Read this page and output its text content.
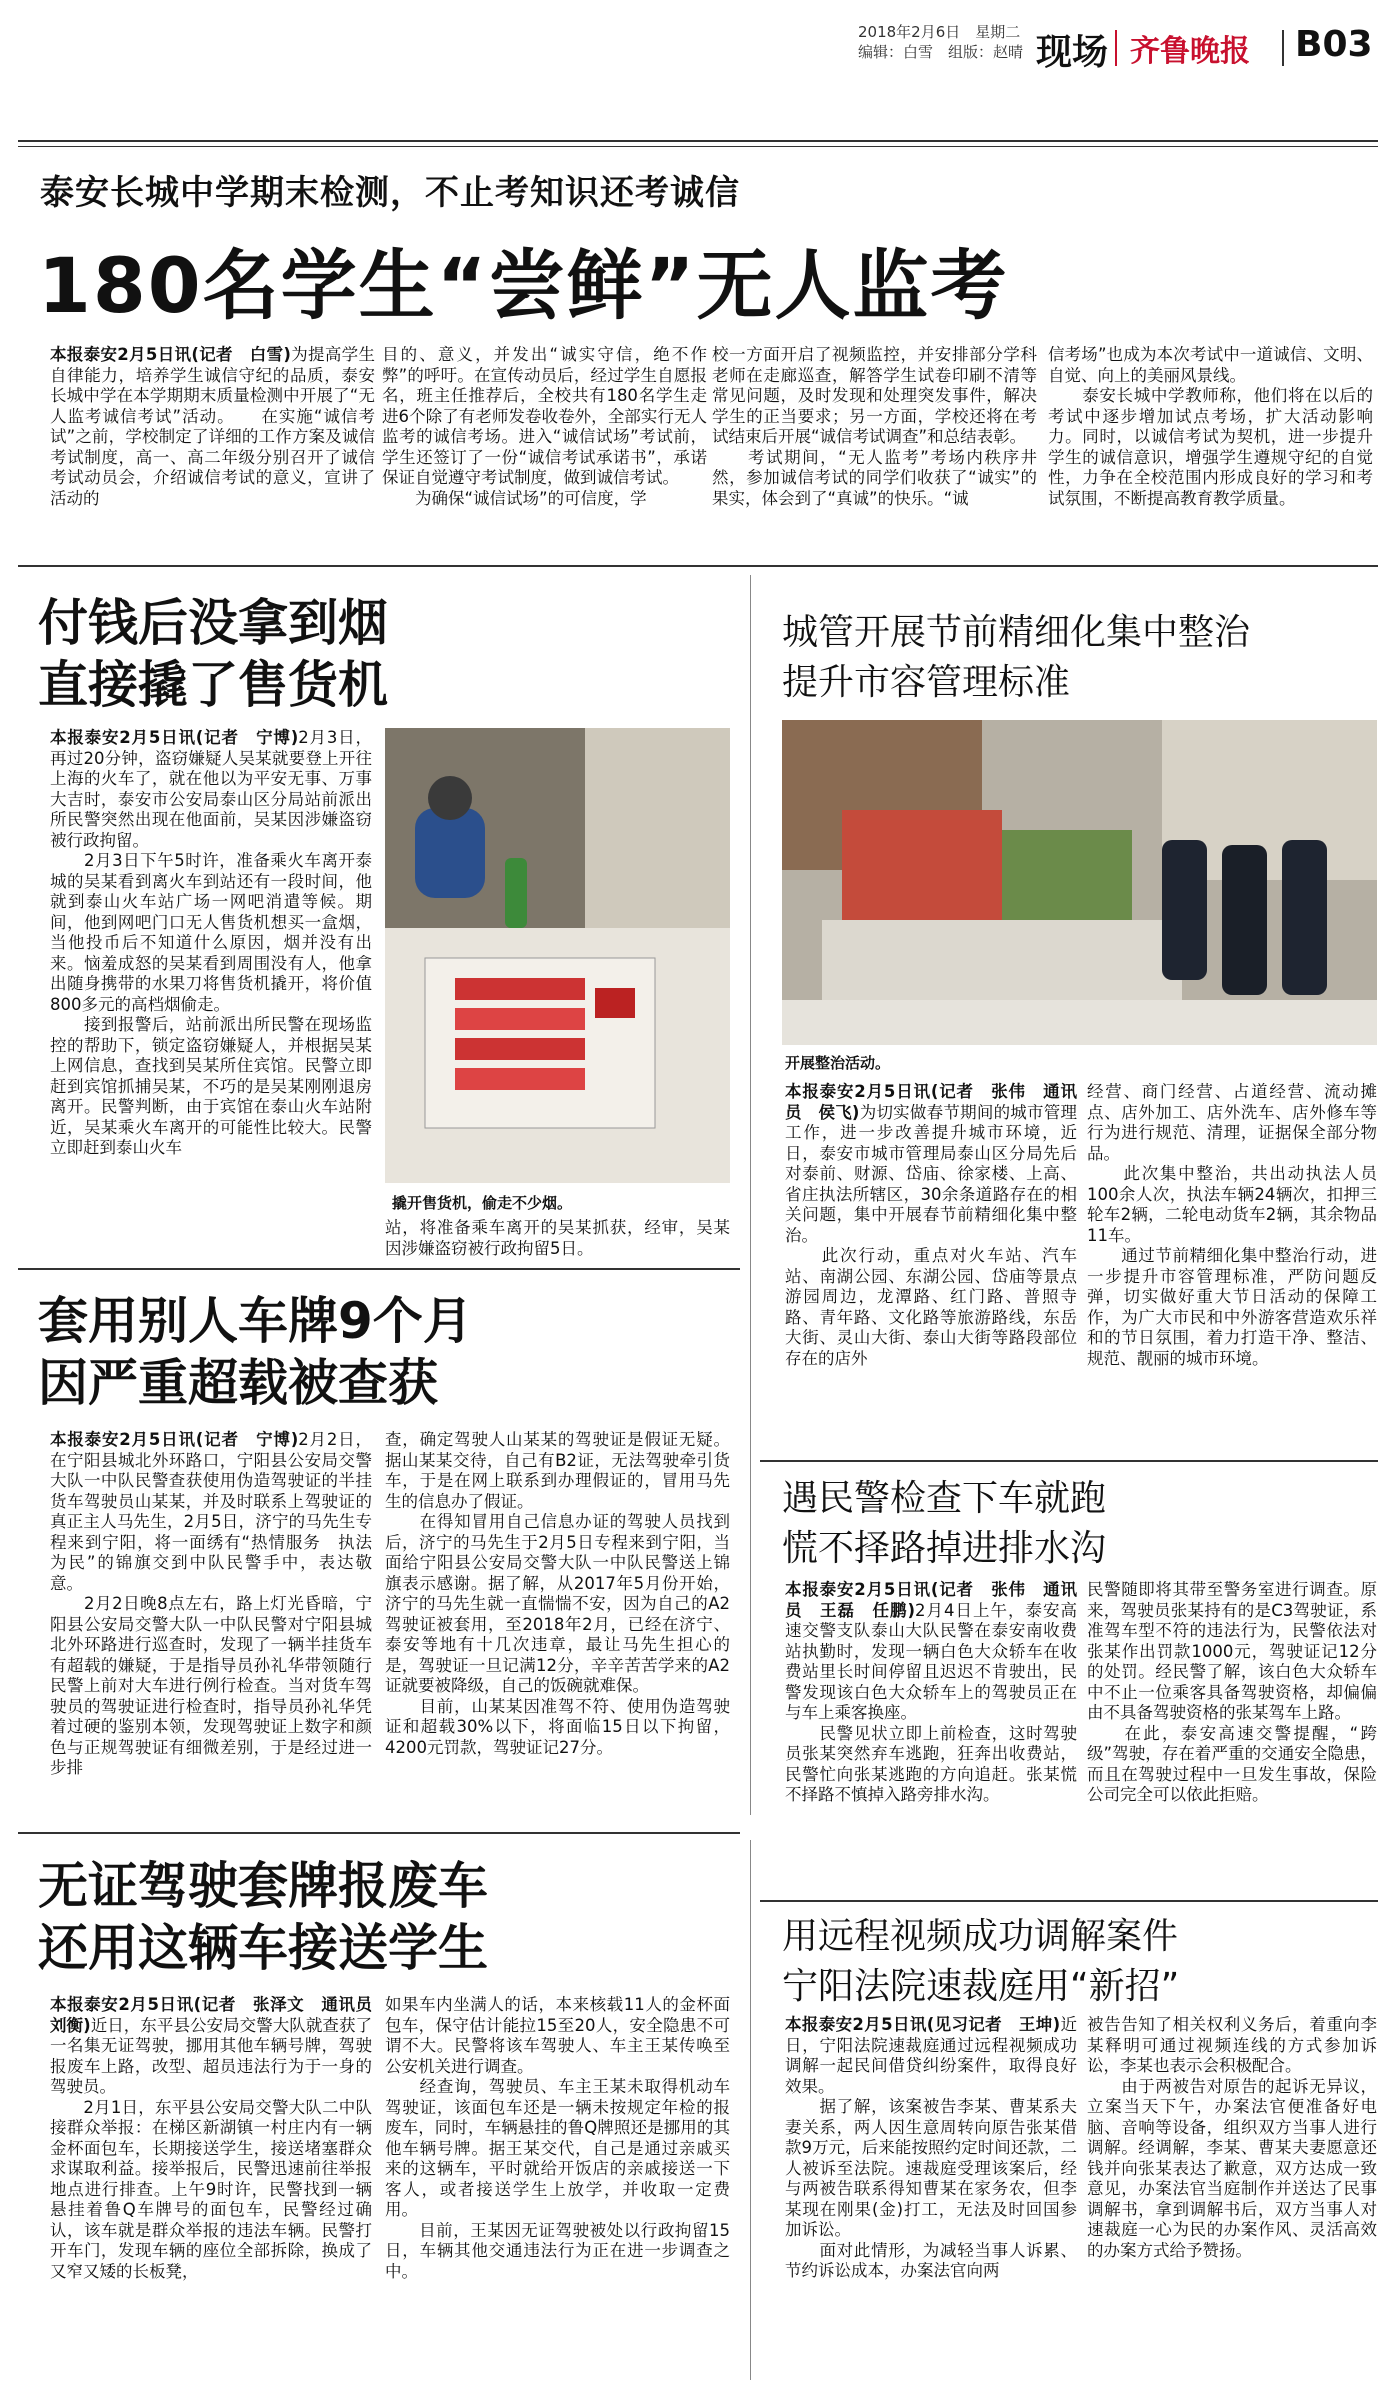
2018年2月6日　星期二
编辑：白雪　组版：赵晴 现场 齐鲁晚报 B03
泰安长城中学期末检测，不止考知识还考诚信
180名学生“尝鲜”无人监考

本报泰安2月5日讯(记者　白雪)为提高学生自律能力，培养学生诚信守纪的品质，泰安长城中学在本学期期末质量检测中开展了“无人监考诚信考试”活动。　　在实施“诚信考试”之前，学校制定了详细的工作方案及诚信考试制度，高一、高二年级分别召开了诚信考试动员会，介绍诚信考试的意义，宣讲了活动的

目的、意义，并发出“诚实守信，绝不作弊”的呼吁。在宣传动员后，经过学生自愿报名，班主任推荐后，全校共有180名学生走进6个除了有老师发卷收卷外，全部实行无人监考的诚信考场。进入“诚信试场”考试前，学生还签订了一份“诚信考试承诺书”，承诺保证自觉遵守考试制度，做到诚信考试。
　　为确保“诚信试场”的可信度，学

校一方面开启了视频监控，并安排部分学科老师在走廊巡查，解答学生试卷印刷不清等常见问题，及时发现和处理突发事件，解决学生的正当要求；另一方面，学校还将在考试结束后开展“诚信考试调查”和总结表彰。
　　考试期间，“无人监考”考场内秩序井然，参加诚信考试的同学们收获了“诚实”的果实，体会到了“真诚”的快乐。“诚

信考场”也成为本次考试中一道诚信、文明、自觉、向上的美丽风景线。
　　泰安长城中学教师称，他们将在以后的考试中逐步增加试点考场，扩大活动影响力。同时，以诚信考试为契机，进一步提升学生的诚信意识，增强学生遵规守纪的自觉性，力争在全校范围内形成良好的学习和考试氛围，不断提高教育教学质量。

付钱后没拿到烟
直接撬了售货机

本报泰安2月5日讯(记者　宁博)2月3日，再过20分钟，盗窃嫌疑人吴某就要登上开往上海的火车了，就在他以为平安无事、万事大吉时，泰安市公安局泰山区分局站前派出所民警突然出现在他面前，吴某因涉嫌盗窃被行政拘留。
　　2月3日下午5时许，准备乘火车离开泰城的吴某看到离火车到站还有一段时间，他就到泰山火车站广场一网吧消遣等候。期间，他到网吧门口无人售货机想买一盒烟，当他投币后不知道什么原因，烟并没有出来。恼羞成怒的吴某看到周围没有人，他拿出随身携带的水果刀将售货机撬开，将价值800多元的高档烟偷走。
　　接到报警后，站前派出所民警在现场监控的帮助下，锁定盗窃嫌疑人，并根据吴某上网信息，查找到吴某所住宾馆。民警立即赶到宾馆抓捕吴某，不巧的是吴某刚刚退房离开。民警判断，由于宾馆在泰山火车站附近，吴某乘火车离开的可能性比较大。民警立即赶到泰山火车

撬开售货机，偷走不少烟。

站，将准备乘车离开的吴某抓获，经审，吴某因涉嫌盗窃被行政拘留5日。

城管开展节前精细化集中整治
提升市容管理标准
开展整治活动。

本报泰安2月5日讯(记者　张伟　通讯员　侯飞)为切实做春节期间的城市管理工作，进一步改善提升城市环境，近日，泰安市城市管理局泰山区分局先后对泰前、财源、岱庙、徐家楼、上高、省庄执法所辖区，30余条道路存在的相关问题，集中开展春节前精细化集中整治。
　　此次行动，重点对火车站、汽车站、南湖公园、东湖公园、岱庙等景点游园周边，龙潭路、红门路、普照寺路、青年路、文化路等旅游路线，东岳大街、灵山大街、泰山大街等路段部位存在的店外

经营、商门经营、占道经营、流动摊点、店外加工、店外洗车、店外修车等行为进行规范、清理，证据保全部分物品。
　　此次集中整治，共出动执法人员100余人次，执法车辆24辆次，扣押三轮车2辆，二轮电动货车2辆，其余物品11车。
　　通过节前精细化集中整治行动，进一步提升市容管理标准，严防问题反弹，切实做好重大节日活动的保障工作，为广大市民和中外游客营造欢乐祥和的节日氛围，着力打造干净、整洁、规范、靓丽的城市环境。

套用别人车牌9个月
因严重超载被查获

本报泰安2月5日讯(记者　宁博)2月2日，在宁阳县城北外环路口，宁阳县公安局交警大队一中队民警查获使用伪造驾驶证的半挂货车驾驶员山某某，并及时联系上驾驶证的真正主人马先生，2月5日，济宁的马先生专程来到宁阳，将一面绣有“热情服务　执法为民”的锦旗交到中队民警手中，表达敬意。
　　2月2日晚8点左右，路上灯光昏暗，宁阳县公安局交警大队一中队民警对宁阳县城北外环路进行巡查时，发现了一辆半挂货车有超载的嫌疑，于是指导员孙礼华带领随行民警上前对大车进行例行检查。当对货车驾驶员的驾驶证进行检查时，指导员孙礼华凭着过硬的鉴别本领，发现驾驶证上数字和颜色与正规驾驶证有细微差别，于是经过进一步排

查，确定驾驶人山某某的驾驶证是假证无疑。据山某某交待，自己有B2证，无法驾驶牵引货车，于是在网上联系到办理假证的，冒用马先生的信息办了假证。
　　在得知冒用自己信息办证的驾驶人员找到后，济宁的马先生于2月5日专程来到宁阳，当面给宁阳县公安局交警大队一中队民警送上锦旗表示感谢。据了解，从2017年5月份开始，济宁的马先生就一直惴惴不安，因为自己的A2驾驶证被套用，至2018年2月，已经在济宁、泰安等地有十几次违章，最让马先生担心的是，驾驶证一旦记满12分，辛辛苦苦学来的A2证就要被降级，自己的饭碗就难保。
　　目前，山某某因准驾不符、使用伪造驾驶证和超载30%以下，将面临15日以下拘留，4200元罚款，驾驶证记27分。

遇民警检查下车就跑
慌不择路掉进排水沟

本报泰安2月5日讯(记者　张伟　通讯员　王磊　任鹏)2月4日上午，泰安高速交警支队泰山大队民警在泰安南收费站执勤时，发现一辆白色大众轿车在收费站里长时间停留且迟迟不肯驶出，民警发现该白色大众轿车上的驾驶员正在与车上乘客换座。
　　民警见状立即上前检查，这时驾驶员张某突然弃车逃跑，狂奔出收费站，民警忙向张某逃跑的方向追赶。张某慌不择路不慎掉入路旁排水沟。

民警随即将其带至警务室进行调查。原来，驾驶员张某持有的是C3驾驶证，系准驾车型不符的违法行为，民警依法对张某作出罚款1000元，驾驶证记12分的处罚。经民警了解，该白色大众轿车中不止一位乘客具备驾驶资格，却偏偏由不具备驾驶资格的张某驾车上路。
　　在此，泰安高速交警提醒，“跨级”驾驶，存在着严重的交通安全隐患，而且在驾驶过程中一旦发生事故，保险公司完全可以依此拒赔。

无证驾驶套牌报废车
还用这辆车接送学生

本报泰安2月5日讯(记者　张泽文　通讯员　刘衡)近日，东平县公安局交警大队就查获了一名集无证驾驶，挪用其他车辆号牌，驾驶报废车上路，改型、超员违法行为于一身的驾驶员。
　　2月1日，东平县公安局交警大队二中队接群众举报：在梯区新湖镇一村庄内有一辆金杯面包车，长期接送学生，接送堵塞群众求谋取利益。接举报后，民警迅速前往举报地点进行排查。上午9时许，民警找到一辆悬挂着鲁Q车牌号的面包车，民警经过确认，该车就是群众举报的违法车辆。民警打开车门，发现车辆的座位全部拆除，换成了又窄又矮的长板凳，

如果车内坐满人的话，本来核载11人的金杯面包车，保守估计能拉15至20人，安全隐患不可谓不大。民警将该车驾驶人、车主王某传唤至公安机关进行调查。
　　经查询，驾驶员、车主王某未取得机动车驾驶证，该面包车还是一辆未按规定年检的报废车，同时，车辆悬挂的鲁Q牌照还是挪用的其他车辆号牌。据王某交代，自己是通过亲戚买来的这辆车，平时就给开饭店的亲戚接送一下客人，或者接送学生上放学，并收取一定费用。
　　目前，王某因无证驾驶被处以行政拘留15日，车辆其他交通违法行为正在进一步调查之中。

用远程视频成功调解案件
宁阳法院速裁庭用“新招”

本报泰安2月5日讯(见习记者　王坤)近日，宁阳法院速裁庭通过远程视频成功调解一起民间借贷纠纷案件，取得良好效果。
　　据了解，该案被告李某、曹某系夫妻关系，两人因生意周转向原告张某借款9万元，后来能按照约定时间还款，二人被诉至法院。速裁庭受理该案后，经与两被告联系得知曹某在家务农，但李某现在刚果(金)打工，无法及时回国参加诉讼。
　　面对此情形，为减轻当事人诉累、节约诉讼成本，办案法官向两

被告告知了相关权利义务后，着重向李某释明可通过视频连线的方式参加诉讼，李某也表示会积极配合。
　　由于两被告对原告的起诉无异议，立案当天下午，办案法官便准备好电脑、音响等设备，组织双方当事人进行调解。经调解，李某、曹某夫妻愿意还钱并向张某表达了歉意，双方达成一致意见，办案法官当庭制作并送达了民事调解书，拿到调解书后，双方当事人对速裁庭一心为民的办案作风、灵活高效的办案方式给予赞扬。
